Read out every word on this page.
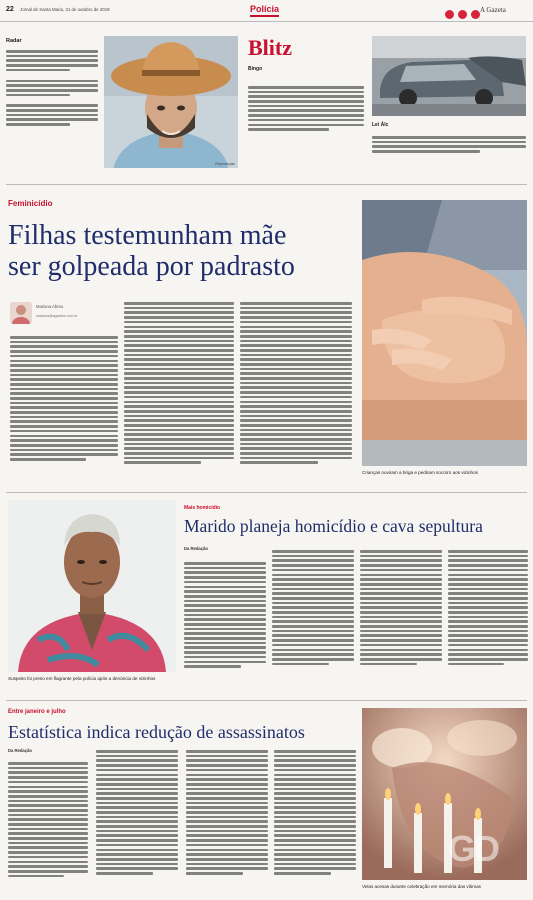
22 Jornal de Santa Maria, 31 de outubro de 2019	Polícia
	A Gazeta
Radar
Reprodução
Blitz
Bingo
Lei Álc
Feminicídio
Filhas testemunham mãe
ser golpeada por padrasto
Mariana Abreu
mariana@agazeta.com.br
Crianças ouviram a briga e pediram socorro aos vizinhos
Suspeito foi preso em flagrante pela polícia após a denúncia de vizinhos
Mais homicídio
Marido planeja homicídio e cava sepultura
Da Redação
Entre janeiro e julho
Estatística indica redução de assassinatos
Da Redação
GD
Velas acesas durante celebração em memória das vítimas
